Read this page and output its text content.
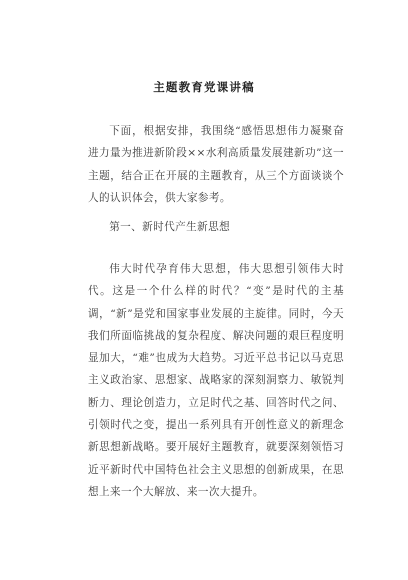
主题教育党课讲稿

下面，根据安排，我围绕“感悟思想伟力凝聚奋进力量为推进新阶段××水利高质量发展建新功”这一主题，结合正在开展的主题教育，从三个方面谈谈个人的认识体会，供大家参考。

第一、新时代产生新思想

伟大时代孕育伟大思想，伟大思想引领伟大时代。这是一个什么样的时代？“变”是时代的主基调，“新”是党和国家事业发展的主旋律。同时，今天我们所面临挑战的复杂程度、解决问题的艰巨程度明显加大，“难”也成为大趋势。习近平总书记以马克思主义政治家、思想家、战略家的深刻洞察力、敏锐判断力、理论创造力，立足时代之基、回答时代之问、引领时代之变，提出一系列具有开创性意义的新理念新思想新战略。要开展好主题教育，就要深刻领悟习近平新时代中国特色社会主义思想的创新成果，在思想上来一个大解放、来一次大提升。
